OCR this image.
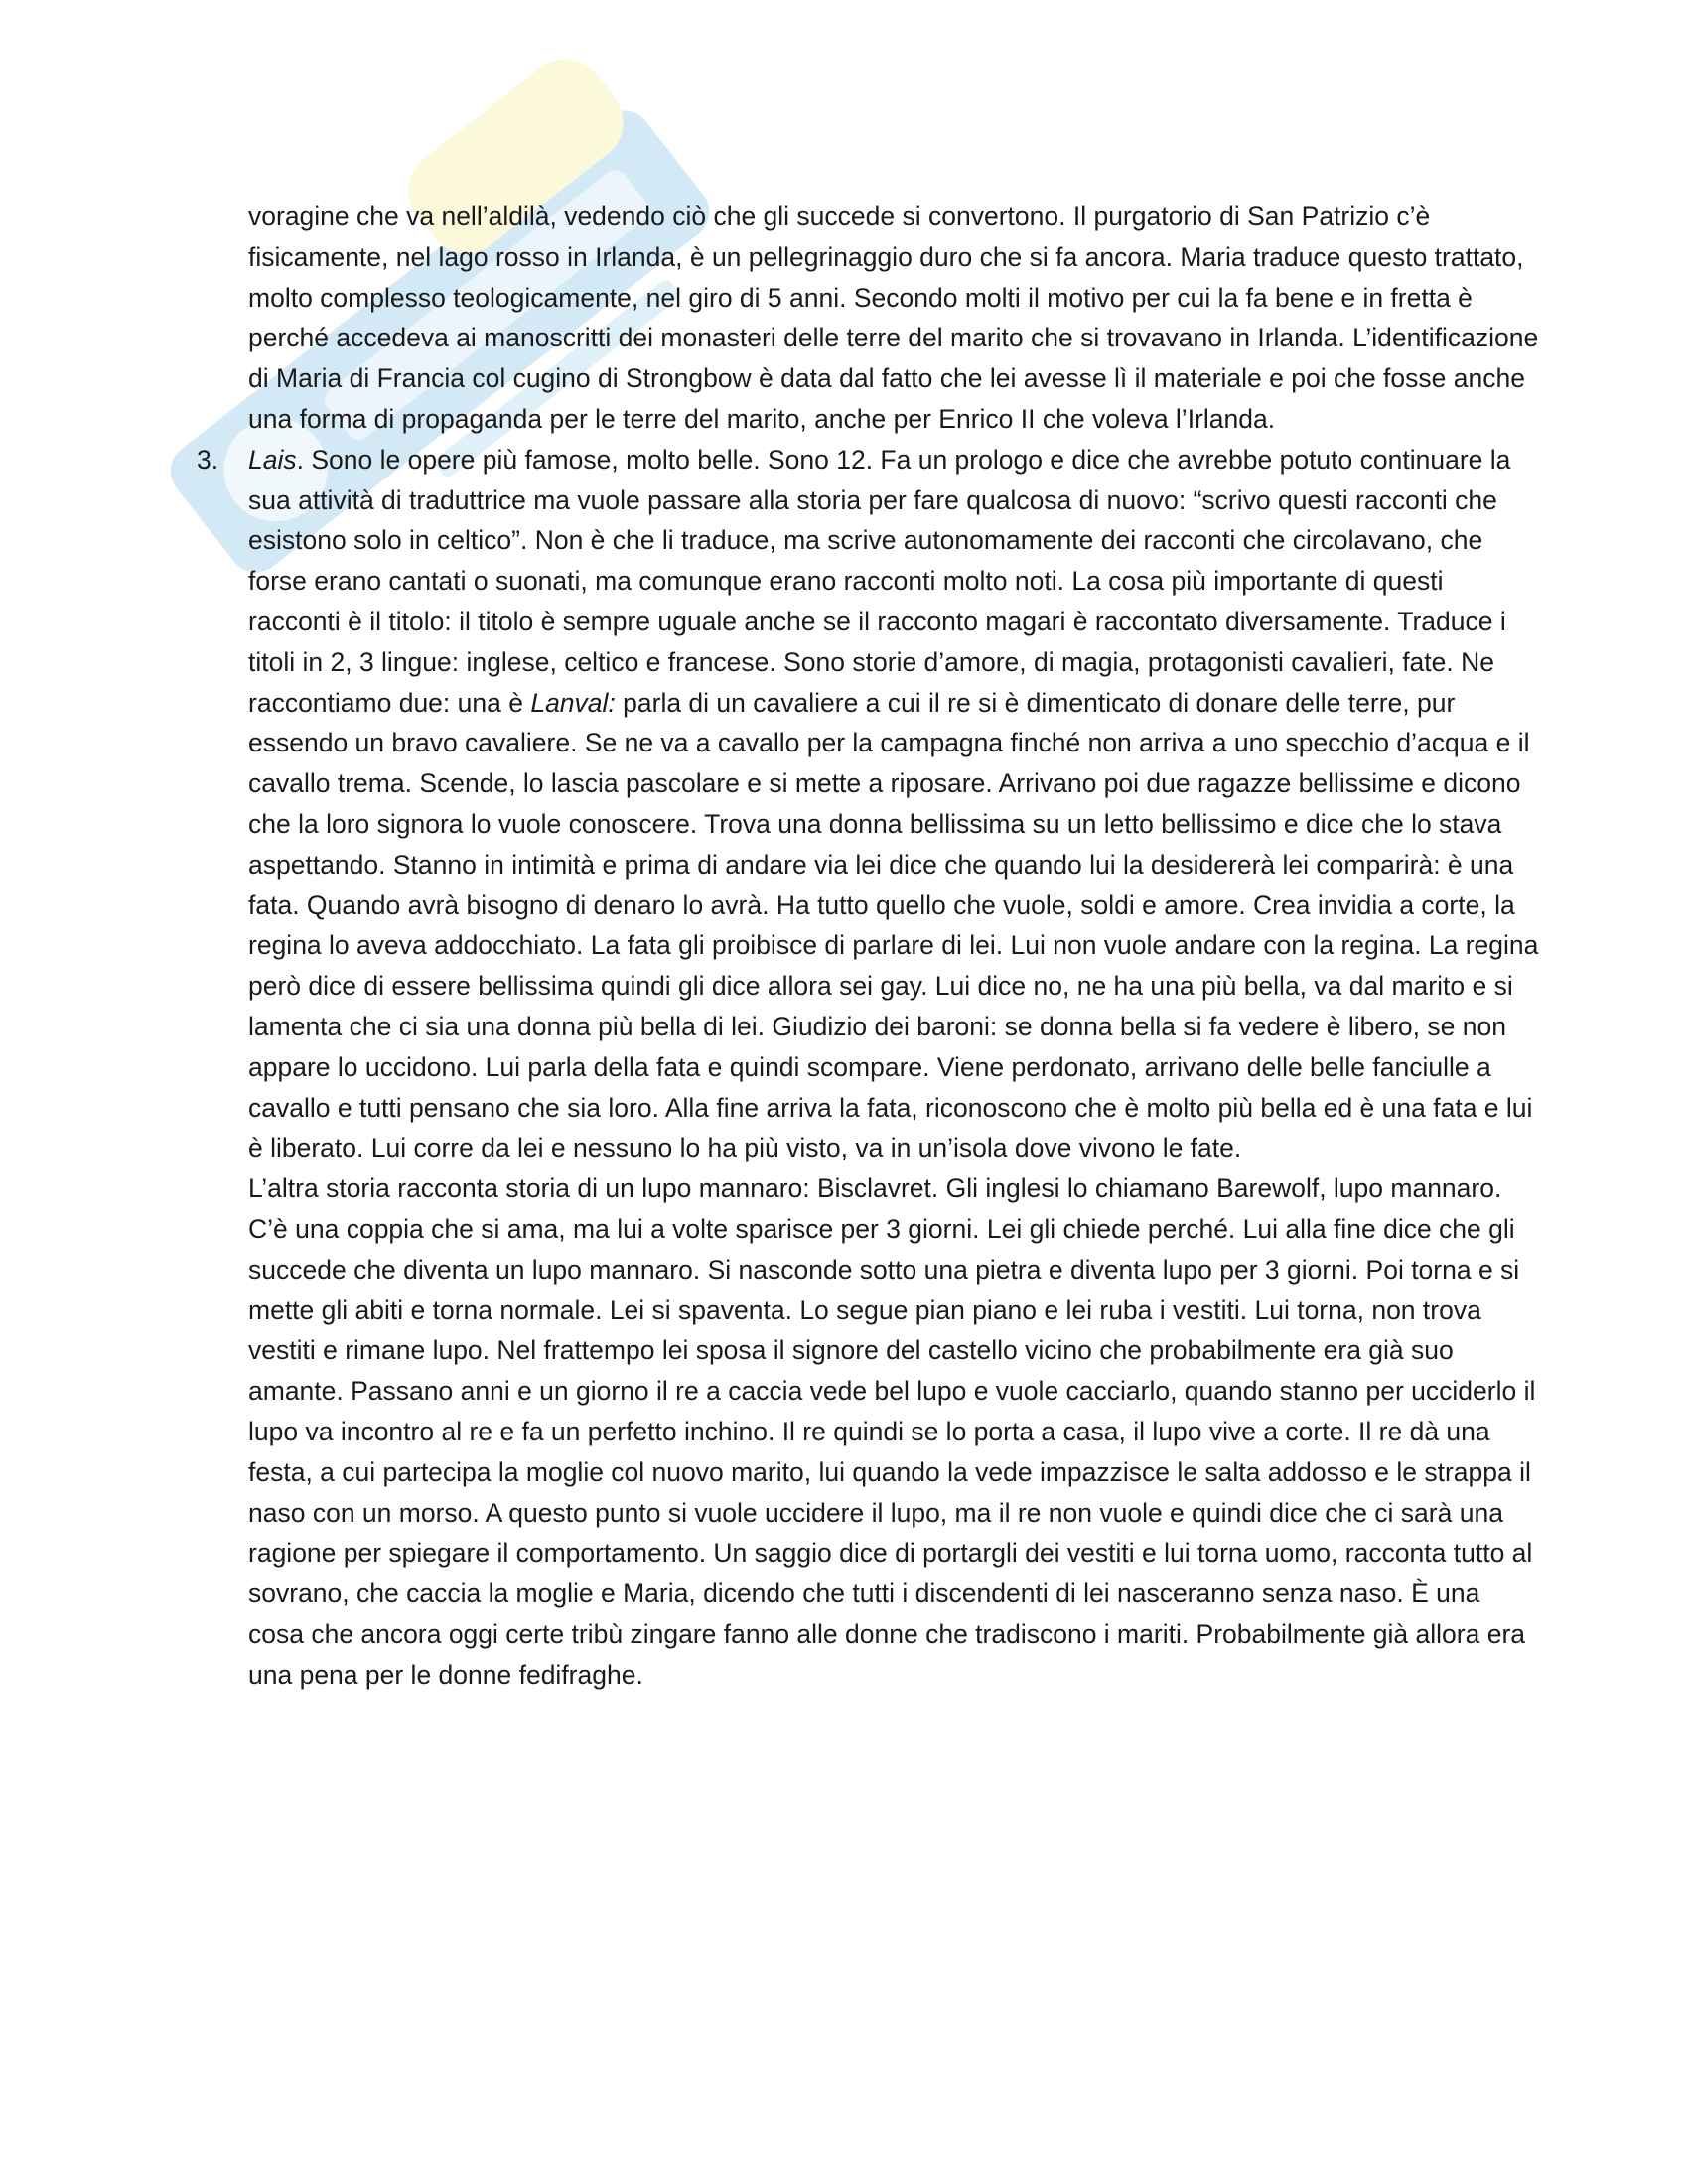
voragine che va nell’aldilà, vedendo ciò che gli succede si convertono. Il purgatorio di San Patrizio c’è fisicamente, nel lago rosso in Irlanda, è un pellegrinaggio duro che si fa ancora. Maria traduce questo trattato, molto complesso teologicamente, nel giro di 5 anni. Secondo molti il motivo per cui la fa bene e in fretta è perché accedeva ai manoscritti dei monasteri delle terre del marito che si trovavano in Irlanda. L’identificazione di Maria di Francia col cugino di Strongbow è data dal fatto che lei avesse lì il materiale e poi che fosse anche una forma di propaganda per le terre del marito, anche per Enrico II che voleva l’Irlanda.

3. Lais. Sono le opere più famose, molto belle. Sono 12. Fa un prologo e dice che avrebbe potuto continuare la sua attività di traduttrice ma vuole passare alla storia per fare qualcosa di nuovo: “scrivo questi racconti che esistono solo in celtico”. Non è che li traduce, ma scrive autonomamente dei racconti che circolavano, che forse erano cantati o suonati, ma comunque erano racconti molto noti. La cosa più importante di questi racconti è il titolo: il titolo è sempre uguale anche se il racconto magari è raccontato diversamente. Traduce i titoli in 2, 3 lingue: inglese, celtico e francese. Sono storie d’amore, di magia, protagonisti cavalieri, fate. Ne raccontiamo due: una è Lanval: parla di un cavaliere a cui il re si è dimenticato di donare delle terre, pur essendo un bravo cavaliere. Se ne va a cavallo per la campagna finché non arriva a uno specchio d’acqua e il cavallo trema. Scende, lo lascia pascolare e si mette a riposare. Arrivano poi due ragazze bellissime e dicono che la loro signora lo vuole conoscere. Trova una donna bellissima su un letto bellissimo e dice che lo stava aspettando. Stanno in intimità e prima di andare via lei dice che quando lui la desidererà lei comparirà: è una fata. Quando avrà bisogno di denaro lo avrà. Ha tutto quello che vuole, soldi e amore. Crea invidia a corte, la regina lo aveva addocchiato. La fata gli proibisce di parlare di lei. Lui non vuole andare con la regina. La regina però dice di essere bellissima quindi gli dice allora sei gay. Lui dice no, ne ha una più bella, va dal marito e si lamenta che ci sia una donna più bella di lei. Giudizio dei baroni: se donna bella si fa vedere è libero, se non appare lo uccidono. Lui parla della fata e quindi scompare. Viene perdonato, arrivano delle belle fanciulle a cavallo e tutti pensano che sia loro. Alla fine arriva la fata, riconoscono che è molto più bella ed è una fata e lui è liberato. Lui corre da lei e nessuno lo ha più visto, va in un’isola dove vivono le fate.

L’altra storia racconta storia di un lupo mannaro: Bisclavret. Gli inglesi lo chiamano Barewolf, lupo mannaro. C’è una coppia che si ama, ma lui a volte sparisce per 3 giorni. Lei gli chiede perché. Lui alla fine dice che gli succede che diventa un lupo mannaro. Si nasconde sotto una pietra e diventa lupo per 3 giorni. Poi torna e si mette gli abiti e torna normale. Lei si spaventa. Lo segue pian piano e lei ruba i vestiti. Lui torna, non trova vestiti e rimane lupo. Nel frattempo lei sposa il signore del castello vicino che probabilmente era già suo amante. Passano anni e un giorno il re a caccia vede bel lupo e vuole cacciarlo, quando stanno per ucciderlo il lupo va incontro al re e fa un perfetto inchino. Il re quindi se lo porta a casa, il lupo vive a corte. Il re dà una festa, a cui partecipa la moglie col nuovo marito, lui quando la vede impazzisce le salta addosso e le strappa il naso con un morso. A questo punto si vuole uccidere il lupo, ma il re non vuole e quindi dice che ci sarà una ragione per spiegare il comportamento. Un saggio dice di portargli dei vestiti e lui torna uomo, racconta tutto al sovrano, che caccia la moglie e Maria, dicendo che tutti i discendenti di lei nasceranno senza naso. È una cosa che ancora oggi certe tribù zingare fanno alle donne che tradiscono i mariti. Probabilmente già allora era una pena per le donne fedifraghe.
